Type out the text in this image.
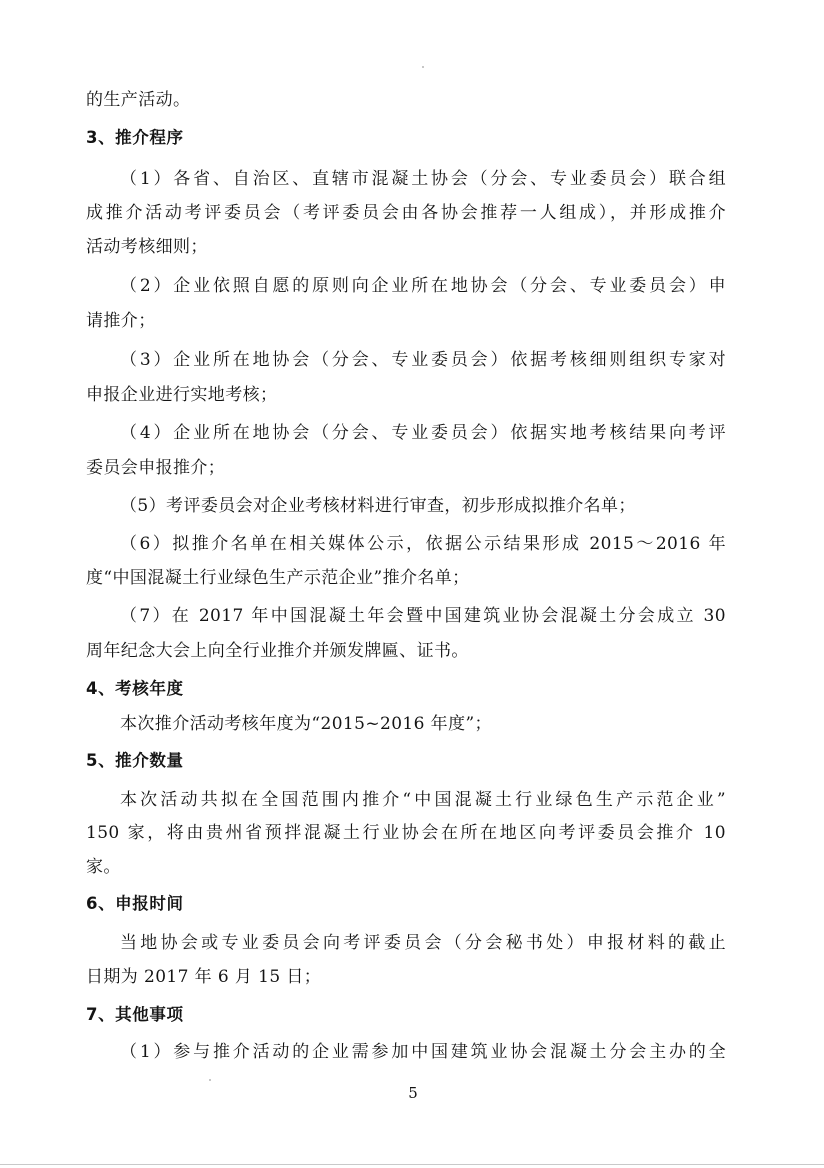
的生产活动。
3、推介程序
（1）各省、自治区、直辖市混凝土协会（分会、专业委员会）联合组
成推介活动考评委员会（考评委员会由各协会推荐一人组成），并形成推介
活动考核细则；
（2）企业依照自愿的原则向企业所在地协会（分会、专业委员会）申
请推介；
（3）企业所在地协会（分会、专业委员会）依据考核细则组织专家对
申报企业进行实地考核；
（4）企业所在地协会（分会、专业委员会）依据实地考核结果向考评
委员会申报推介；
（5）考评委员会对企业考核材料进行审查，初步形成拟推介名单；
（6）拟推介名单在相关媒体公示，依据公示结果形成 2015～2016 年
度“中国混凝土行业绿色生产示范企业”推介名单；
（7）在 2017 年中国混凝土年会暨中国建筑业协会混凝土分会成立 30
周年纪念大会上向全行业推介并颁发牌匾、证书。
4、考核年度
本次推介活动考核年度为“2015~2016 年度”；
5、推介数量
本次活动共拟在全国范围内推介“中国混凝土行业绿色生产示范企业”
150 家，将由贵州省预拌混凝土行业协会在所在地区向考评委员会推介 10
家。
6、申报时间
当地协会或专业委员会向考评委员会（分会秘书处）申报材料的截止
日期为 2017 年 6 月 15 日；
7、其他事项
（1）参与推介活动的企业需参加中国建筑业协会混凝土分会主办的全
5
